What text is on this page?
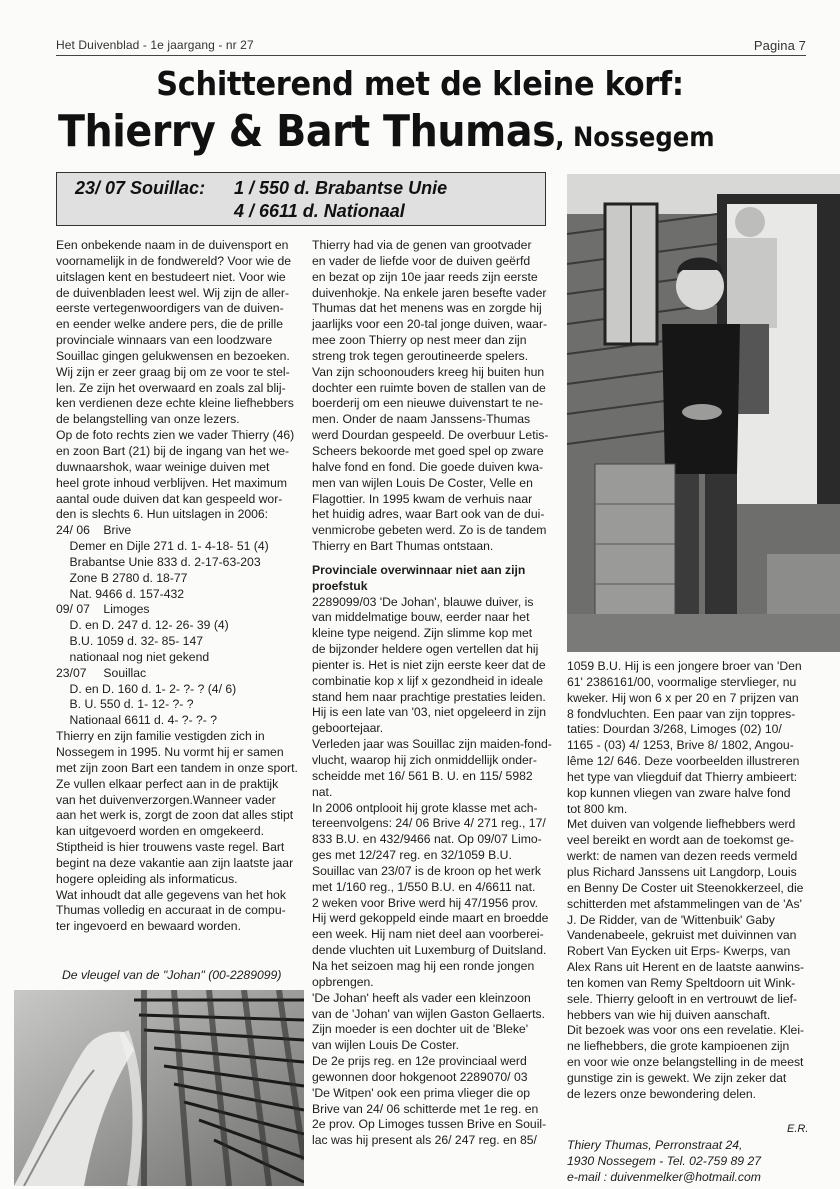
Het Duivenblad - 1e jaargang - nr 27	Pagina 7
Schitterend met de kleine korf:
Thierry & Bart Thumas, Nossegem
23/ 07 Souillac: 1 / 550 d. Brabantse Unie
4 / 6611 d. Nationaal
Een onbekende naam in de duivensport en
voornamelijk in de fondwereld? Voor wie de
uitslagen kent en bestudeert niet. Voor wie
de duivenbladen leest wel. Wij zijn de aller-
eerste vertegenwoordigers van de duiven-
en eender welke andere pers, die de prille
provinciale winnaars van een loodzware
Souillac gingen gelukwensen en bezoeken.
Wij zijn er zeer graag bij om ze voor te stel-
len. Ze zijn het overwaard en zoals zal blij-
ken verdienen deze echte kleine liefhebbers
de belangstelling van onze lezers.
Op de foto rechts zien we vader Thierry (46)
en zoon Bart (21) bij de ingang van het we-
duwnaarshok, waar weinige duiven met
heel grote inhoud verblijven. Het maximum
aantal oude duiven dat kan gespeeld wor-
den is slechts 6. Hun uitslagen in 2006:
24/ 06    Brive
Demer en Dijle 271 d. 1- 4-18- 51 (4)
Brabantse Unie 833 d. 2-17-63-203
Zone B 2780 d. 18-77
Nat. 9466 d. 157-432
09/ 07    Limoges
D. en D. 247 d. 12- 26- 39 (4)
B.U. 1059 d. 32- 85- 147
nationaal nog niet gekend
23/07     Souillac
D. en D. 160 d. 1- 2- ?- ? (4/ 6)
B. U. 550 d. 1- 12- ?- ?
Nationaal 6611 d. 4- ?- ?- ?
Thierry en zijn familie vestigden zich in
Nossegem in 1995. Nu vormt hij er samen
met zijn zoon Bart een tandem in onze sport.
Ze vullen elkaar perfect aan in de praktijk
van het duivenverzorgen.Wanneer vader
aan het werk is, zorgt de zoon dat alles stipt
kan uitgevoerd worden en omgekeerd.
Stiptheid is hier trouwens vaste regel. Bart
begint na deze vakantie aan zijn laatste jaar
hogere opleiding als informaticus.
Wat inhoudt dat alle gegevens van het hok
Thumas volledig en accuraat in de compu-
ter ingevoerd en bewaard worden.
De vleugel van de "Johan" (00-2289099)
Thierry had via de genen van grootvader
en vader de liefde voor de duiven geërfd
en bezat op zijn 10e jaar reeds zijn eerste
duivenhokje. Na enkele jaren besefte vader
Thumas dat het menens was en zorgde hij
jaarlijks voor een 20-tal jonge duiven, waar-
mee zoon Thierry op nest meer dan zijn
streng trok tegen geroutineerde spelers.
Van zijn schoonouders kreeg hij buiten hun
dochter een ruimte boven de stallen van de
boerderij om een nieuwe duivenstart te ne-
men. Onder de naam Janssens-Thumas
werd Dourdan gespeeld. De overbuur Letis-
Scheers bekoorde met goed spel op zware
halve fond en fond. Die goede duiven kwa-
men van wijlen Louis De Coster, Velle en
Flagottier. In 1995 kwam de verhuis naar
het huidig adres, waar Bart ook van de dui-
venmicrobe gebeten werd. Zo is de tandem
Thierry en Bart Thumas ontstaan.
Provinciale overwinnaar niet aan zijn
proefstuk
2289099/03 'De Johan', blauwe duiver, is
van middelmatige bouw, eerder naar het
kleine type neigend. Zijn slimme kop met
de bijzonder heldere ogen vertellen dat hij
pienter is. Het is niet zijn eerste keer dat de
combinatie kop x lijf x gezondheid in ideale
stand hem naar prachtige prestaties leiden.
Hij is een late van '03, niet opgeleerd in zijn
geboortejaar.
Verleden jaar was Souillac zijn maiden-fond-
vlucht, waarop hij zich onmiddellijk onder-
scheidde met 16/ 561 B. U. en 115/ 5982
nat.
In 2006 ontplooit hij grote klasse met ach-
tereenvolgens: 24/ 06 Brive 4/ 271 reg., 17/
833 B.U. en 432/9466 nat. Op 09/07 Limo-
ges met 12/247 reg. en 32/1059 B.U.
Souillac van 23/07 is de kroon op het werk
met 1/160 reg., 1/550 B.U. en 4/6611 nat.
2 weken voor Brive werd hij 47/1956 prov.
Hij werd gekoppeld einde maart en broedde
een week. Hij nam niet deel aan voorberei-
dende vluchten uit Luxemburg of Duitsland.
Na het seizoen mag hij een ronde jongen
opbrengen.
'De Johan' heeft als vader een kleinzoon
van de 'Johan' van wijlen Gaston Gellaerts.
Zijn moeder is een dochter uit de 'Bleke'
van wijlen Louis De Coster.
De 2e prijs reg. en 12e provinciaal werd
gewonnen door hokgenoot 2289070/ 03
'De Witpen' ook een prima vlieger die op
Brive van 24/ 06 schitterde met 1e reg. en
2e prov. Op Limoges tussen Brive en Souil-
lac was hij present als 26/ 247 reg. en 85/
1059 B.U. Hij is een jongere broer van 'Den
61' 2386161/00, voormalige stervlieger, nu
kweker. Hij won 6 x per 20 en 7 prijzen van
8 fondvluchten. Een paar van zijn toppres-
taties: Dourdan 3/268, Limoges (02) 10/
1165 - (03) 4/ 1253, Brive 8/ 1802, Angou-
lême 12/ 646. Deze voorbeelden illustreren
het type van vliegduif dat Thierry ambieert:
kop kunnen vliegen van zware halve fond
tot 800 km.
Met duiven van volgende liefhebbers werd
veel bereikt en wordt aan de toekomst ge-
werkt: de namen van dezen reeds vermeld
plus Richard Janssens uit Langdorp, Louis
en Benny De Coster uit Steenokkerzeel, die
schitterden met afstammelingen van de 'As'
J. De Ridder, van de 'Wittenbuik' Gaby
Vandenabeele, gekruist met duivinnen van
Robert Van Eycken uit Erps- Kwerps, van
Alex Rans uit Herent en de laatste aanwins-
ten komen van Remy Speltdoorn uit Wink-
sele. Thierry gelooft in en vertrouwt de lief-
hebbers van wie hij duiven aanschaft.
Dit bezoek was voor ons een revelatie. Klei-
ne liefhebbers, die grote kampioenen zijn
en voor wie onze belangstelling in de meest
gunstige zin is gewekt. We zijn zeker dat
de lezers onze bewondering delen.
E.R.
Thiery Thumas, Perronstraat 24,
1930 Nossegem - Tel. 02-759 89 27
e-mail : duivenmelker@hotmail.com
